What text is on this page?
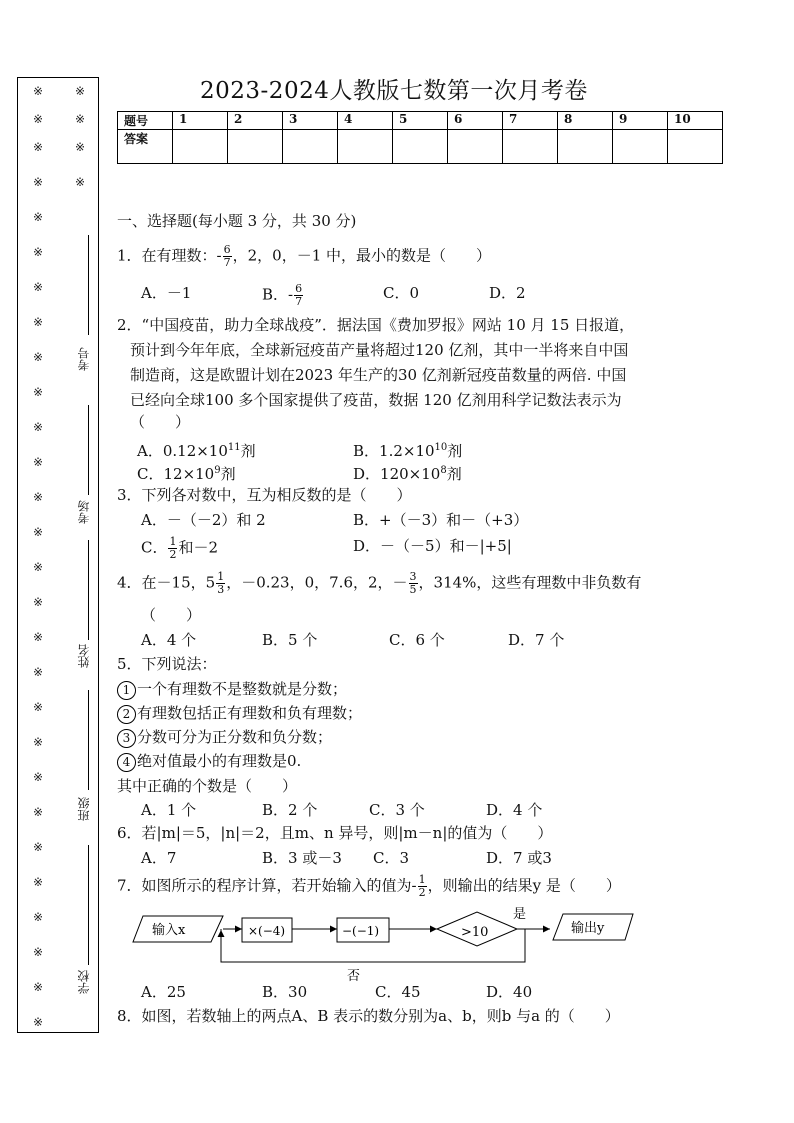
※	※
※	※
※	※
※	※
※
※
※
※
※
※
※
※
※
※
※
※
※
※
※
※
※
※
※
※
※
※
※
※
考号
考场
姓名
班级
学校
2023-2024人教版七数第一次月考卷
题号	1	2	3	4	5	6	7	8	9	10
答案										
一、选择题(每小题 3 分，共 30 分)
1．在有理数：- $\frac{6}{7}$ ，2，0，－1 中，最小的数是（　　）
A．－1	B．- $\frac{6}{7}$	C．0	D．2
2．“中国疫苗，助力全球战疫”．据法国《费加罗报》网站 10 月 15 日报道，
预计到今年年底，全球新冠疫苗产量将超过120 亿剂，其中一半将来自中国
制造商，这是欧盟计划在2023 年生产的30 亿剂新冠疫苗数量的两倍. 中国
已经向全球100 多个国家提供了疫苗，数据 120 亿剂用科学记数法表示为
（　　）
A．$0.12\times 10^{11}$剂	B．$1.2\times 10^{10}$剂
C．$12\times 10^9$剂	D．$120\times 10^8$剂
3．下列各对数中，互为相反数的是（　　）
A．－（－2）和 2	B．+（－3）和－（+3）
C． $\frac{1}{2}$ 和－2	D．－（－5）和－|+5|
4．在－15，$5 \frac{1}{3}$ ，－0.23，0，7.6，2，－ $\frac{3}{5}$ ，314%，这些有理数中非负数有
（　　）
A．4 个	B．5 个	C．6 个	D．7 个
5．下列说法：
1 一个有理数不是整数就是分数；
2 有理数包括正有理数和负有理数；
3 分数可分为正分数和负分数；
4 绝对值最小的有理数是0.
其中正确的个数是（　　）
A．1 个	B．2 个	C．3 个	D．4 个
6．若|m|＝5，|n|＝2，且m、n 异号，则|m－n|的值为（　　）
A．7	B．3 或－3 C．3	D．7 或3
7．如图所示的程序计算，若开始输入的值为- $\frac{1}{2}$ ，则输出的结果y 是（　　）
输入x	×(−4)	−(−1)	>10
是
输出y
否
A．25	B．30	C．45	D．40
8．如图，若数轴上的两点A、B 表示的数分别为a、b，则b 与a 的（　　）
